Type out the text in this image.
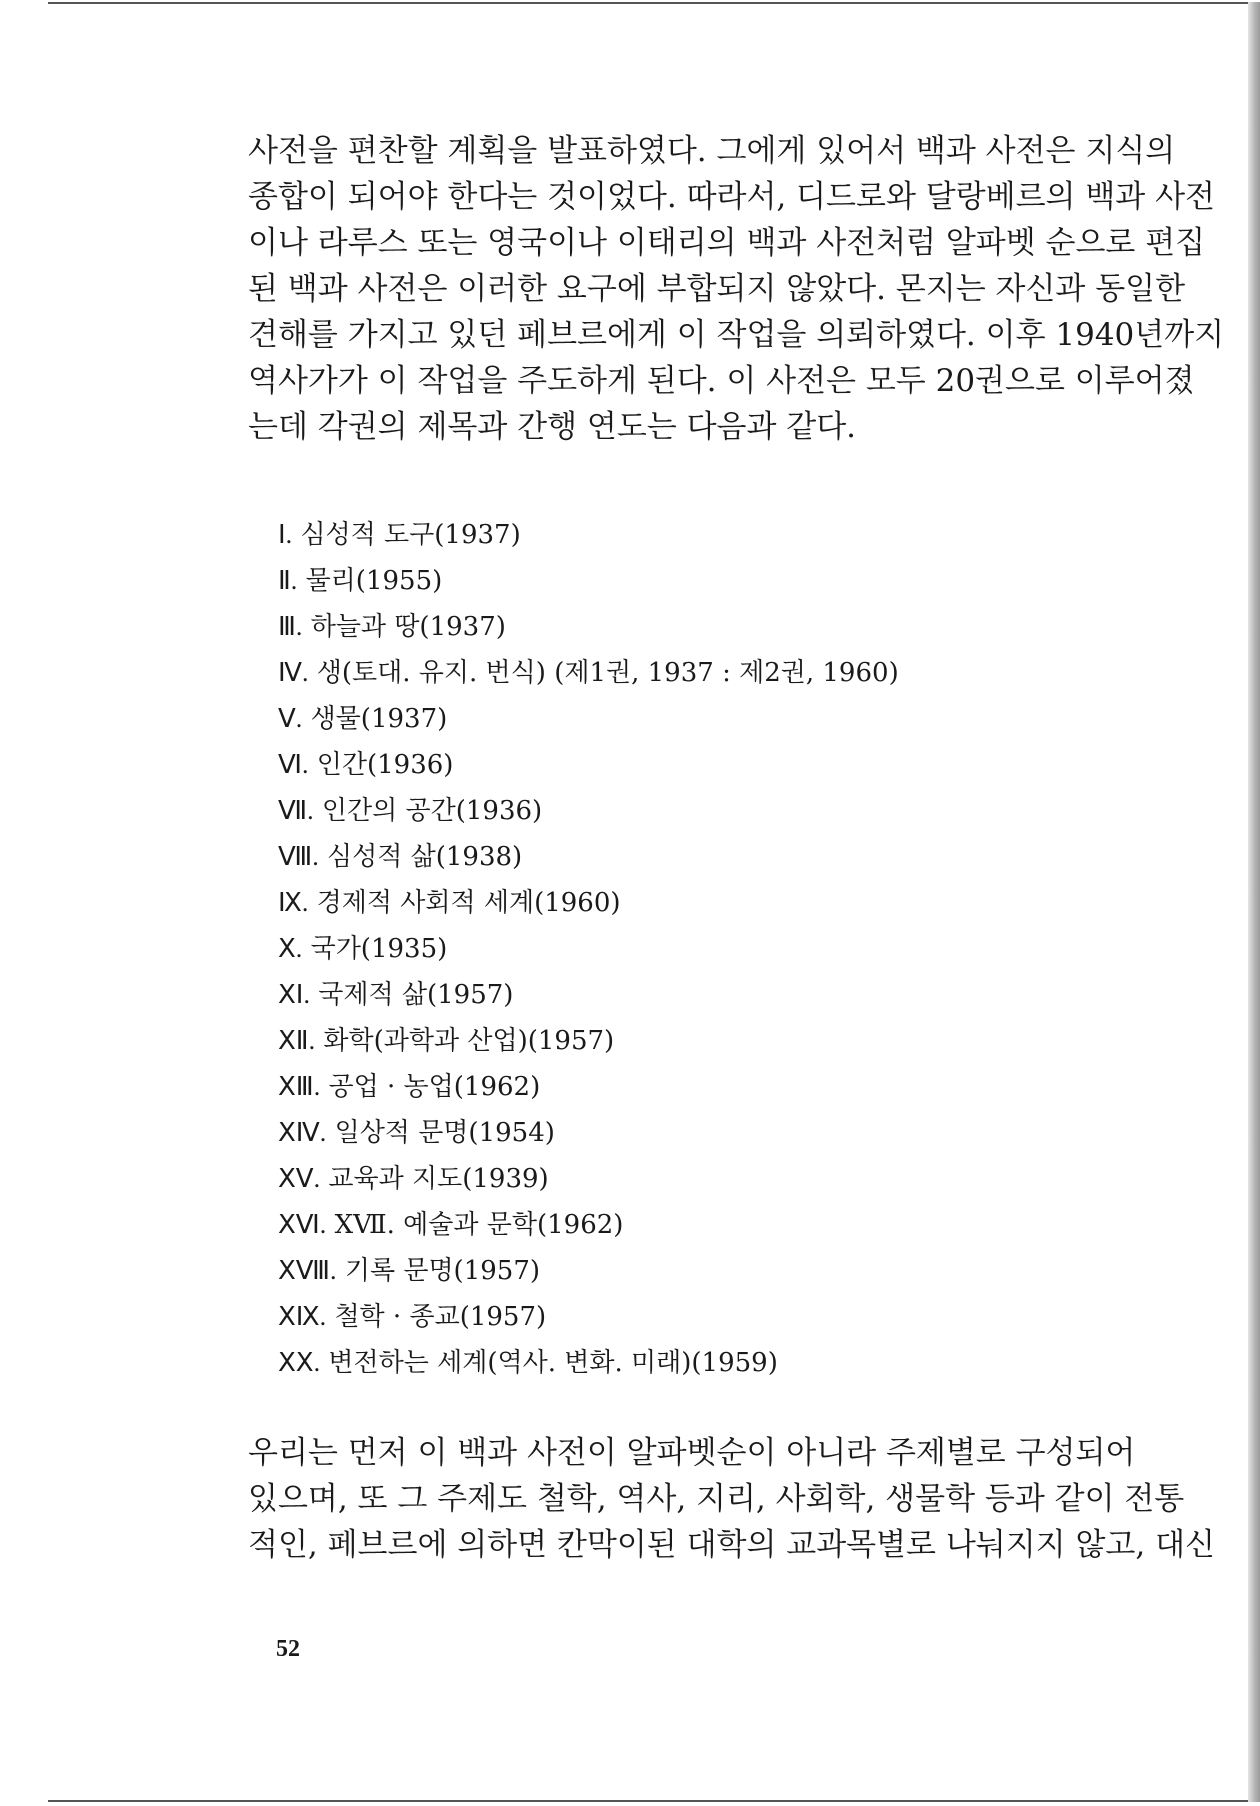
사전을 편찬할 계획을 발표하였다. 그에게 있어서 백과 사전은 지식의
종합이 되어야 한다는 것이었다. 따라서, 디드로와 달랑베르의 백과 사전
이나 라루스 또는 영국이나 이태리의 백과 사전처럼 알파벳 순으로 편집
된 백과 사전은 이러한 요구에 부합되지 않았다. 몬지는 자신과 동일한
견해를 가지고 있던 페브르에게 이 작업을 의뢰하였다. 이후 1940년까지
역사가가 이 작업을 주도하게 된다. 이 사전은 모두 20권으로 이루어졌
는데 각권의 제목과 간행 연도는 다음과 같다.

Ⅰ. 심성적 도구(1937)
Ⅱ. 물리(1955)
Ⅲ. 하늘과 땅(1937)
Ⅳ. 생(토대. 유지. 번식) (제1권, 1937 : 제2권, 1960)
Ⅴ. 생물(1937)
Ⅵ. 인간(1936)
Ⅶ. 인간의 공간(1936)
Ⅷ. 심성적 삶(1938)
Ⅸ. 경제적 사회적 세계(1960)
Ⅹ. 국가(1935)
ⅩⅠ. 국제적 삶(1957)
ⅩⅡ. 화학(과학과 산업)(1957)
ⅩⅢ. 공업 · 농업(1962)
ⅩⅣ. 일상적 문명(1954)
ⅩⅤ. 교육과 지도(1939)
ⅩⅥ. ⅩⅦ. 예술과 문학(1962)
ⅩⅧ. 기록 문명(1957)
ⅩⅨ. 철학 · 종교(1957)
ⅩⅩ. 변전하는 세계(역사. 변화. 미래)(1959)

우리는 먼저 이 백과 사전이 알파벳순이 아니라 주제별로 구성되어
있으며, 또 그 주제도 철학, 역사, 지리, 사회학, 생물학 등과 같이 전통
적인, 페브르에 의하면 칸막이된 대학의 교과목별로 나눠지지 않고, 대신

52
